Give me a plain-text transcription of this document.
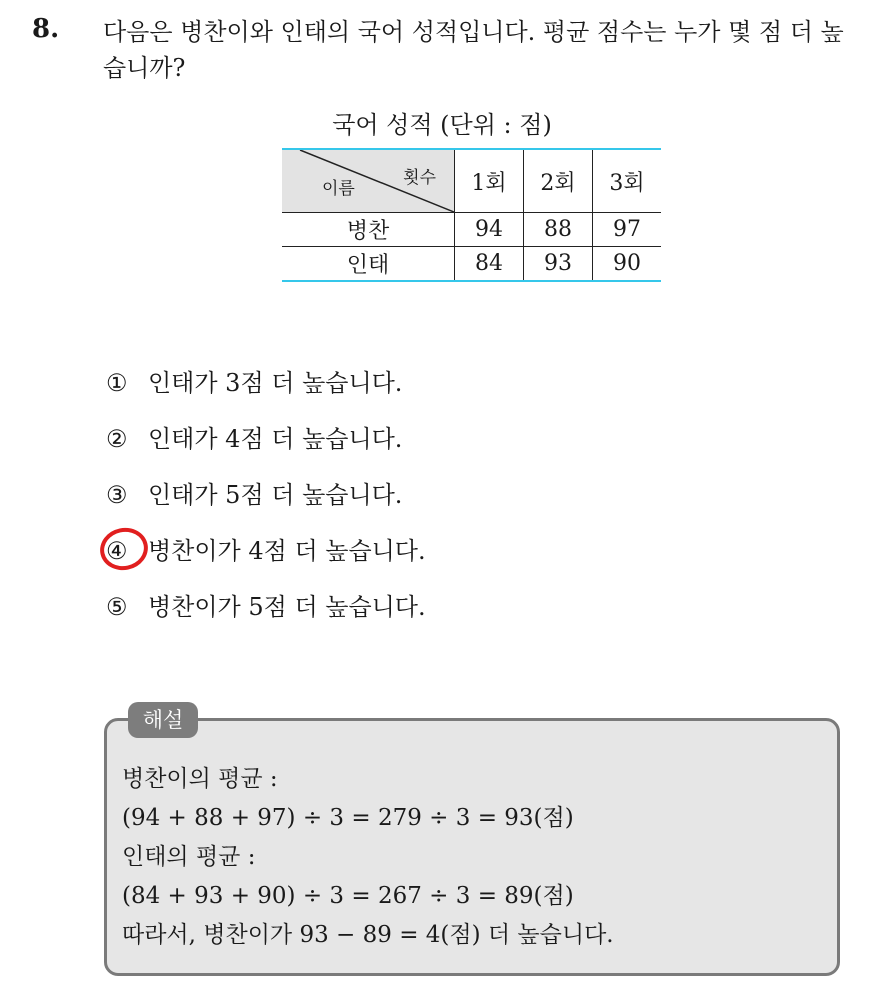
8. 다음은 병찬이와 인태의 국어 성적입니다. 평균 점수는 누가 몇 점 더 높습니까?
국어 성적 (단위 : 점)
횟수
이름	1회	2회	3회
병찬	94	88	97
인태	84	93	90
① 인태가 3점 더 높습니다.
② 인태가 4점 더 높습니다.
③ 인태가 5점 더 높습니다.
④ 병찬이가 4점 더 높습니다.
⑤ 병찬이가 5점 더 높습니다.
해설
병찬이의 평균 :
(94 + 88 + 97) ÷ 3 = 279 ÷ 3 = 93(점)
인태의 평균 :
(84 + 93 + 90) ÷ 3 = 267 ÷ 3 = 89(점)
따라서, 병찬이가 93 − 89 = 4(점) 더 높습니다.
